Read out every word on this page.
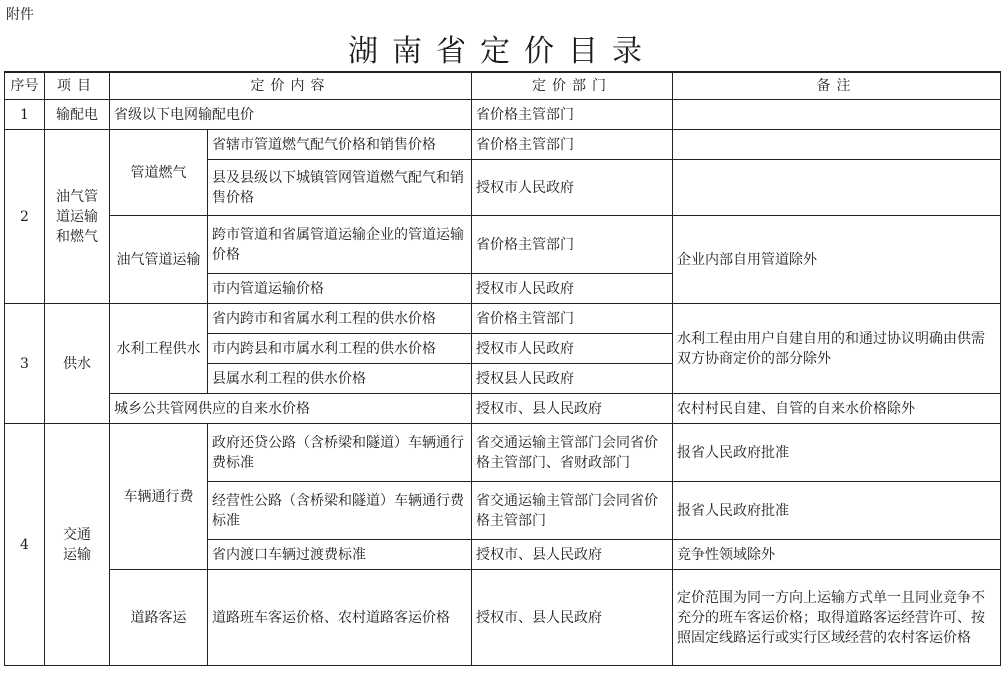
附件
湖南省定价目录
序号	项目	定价内容		定价部门	备注
1	输配电	省级以下电网输配电价		省价格主管部门	
2	油气管道运输和燃气	管道燃气	省辖市管道燃气配气价格和销售价格	省价格主管部门	
			县及县级以下城镇管网管道燃气配气和销售价格	授权市人民政府	
		油气管道运输	跨市管道和省属管道运输企业的管道运输价格	省价格主管部门	企业内部自用管道除外
			市内管道运输价格	授权市人民政府	
3	供水	水利工程供水	省内跨市和省属水利工程的供水价格	省价格主管部门	水利工程由用户自建自用的和通过协议明确由供需双方协商定价的部分除外
			市内跨县和市属水利工程的供水价格	授权市人民政府	
			县属水利工程的供水价格	授权县人民政府	
		城乡公共管网供应的自来水价格		授权市、县人民政府	农村村民自建、自管的自来水价格除外
4	交通运输	车辆通行费	政府还贷公路（含桥梁和隧道）车辆通行费标准	省交通运输主管部门会同省价格主管部门、省财政部门	报省人民政府批准
			经营性公路（含桥梁和隧道）车辆通行费标准	省交通运输主管部门会同省价格主管部门	报省人民政府批准
			省内渡口车辆过渡费标准	授权市、县人民政府	竞争性领域除外
		道路客运	道路班车客运价格、农村道路客运价格	授权市、县人民政府	定价范围为同一方向上运输方式单一且同业竞争不充分的班车客运价格；取得道路客运经营许可、按照固定线路运行或实行区域经营的农村客运价格
